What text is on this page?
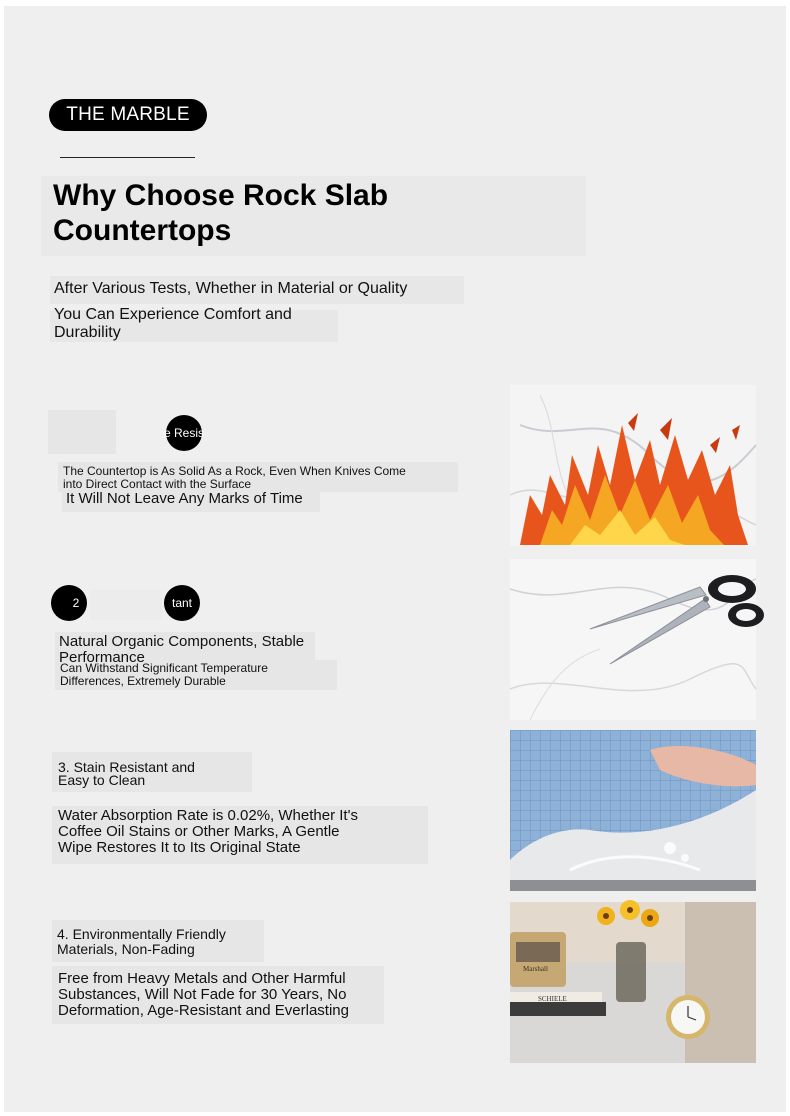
THE MARBLE
Why Choose Rock Slab Countertops
After Various Tests, Whether in Material or Quality
You Can Experience Comfort and Durability
e Resis
The Countertop is As Solid As a Rock, Even When Knives Come into Direct Contact with the Surface
It Will Not Leave Any Marks of Time
2	tant
Natural Organic Components, Stable Performance
Can Withstand Significant Temperature Differences, Extremely Durable
3. Stain Resistant and Easy to Clean
Water Absorption Rate is 0.02%, Whether It's Coffee Oil Stains or Other Marks, A Gentle Wipe Restores It to Its Original State
4. Environmentally Friendly Materials, Non-Fading
Free from Heavy Metals and Other Harmful Substances, Will Not Fade for 30 Years, No Deformation, Age-Resistant and Everlasting
Marshall
SCHIELE
